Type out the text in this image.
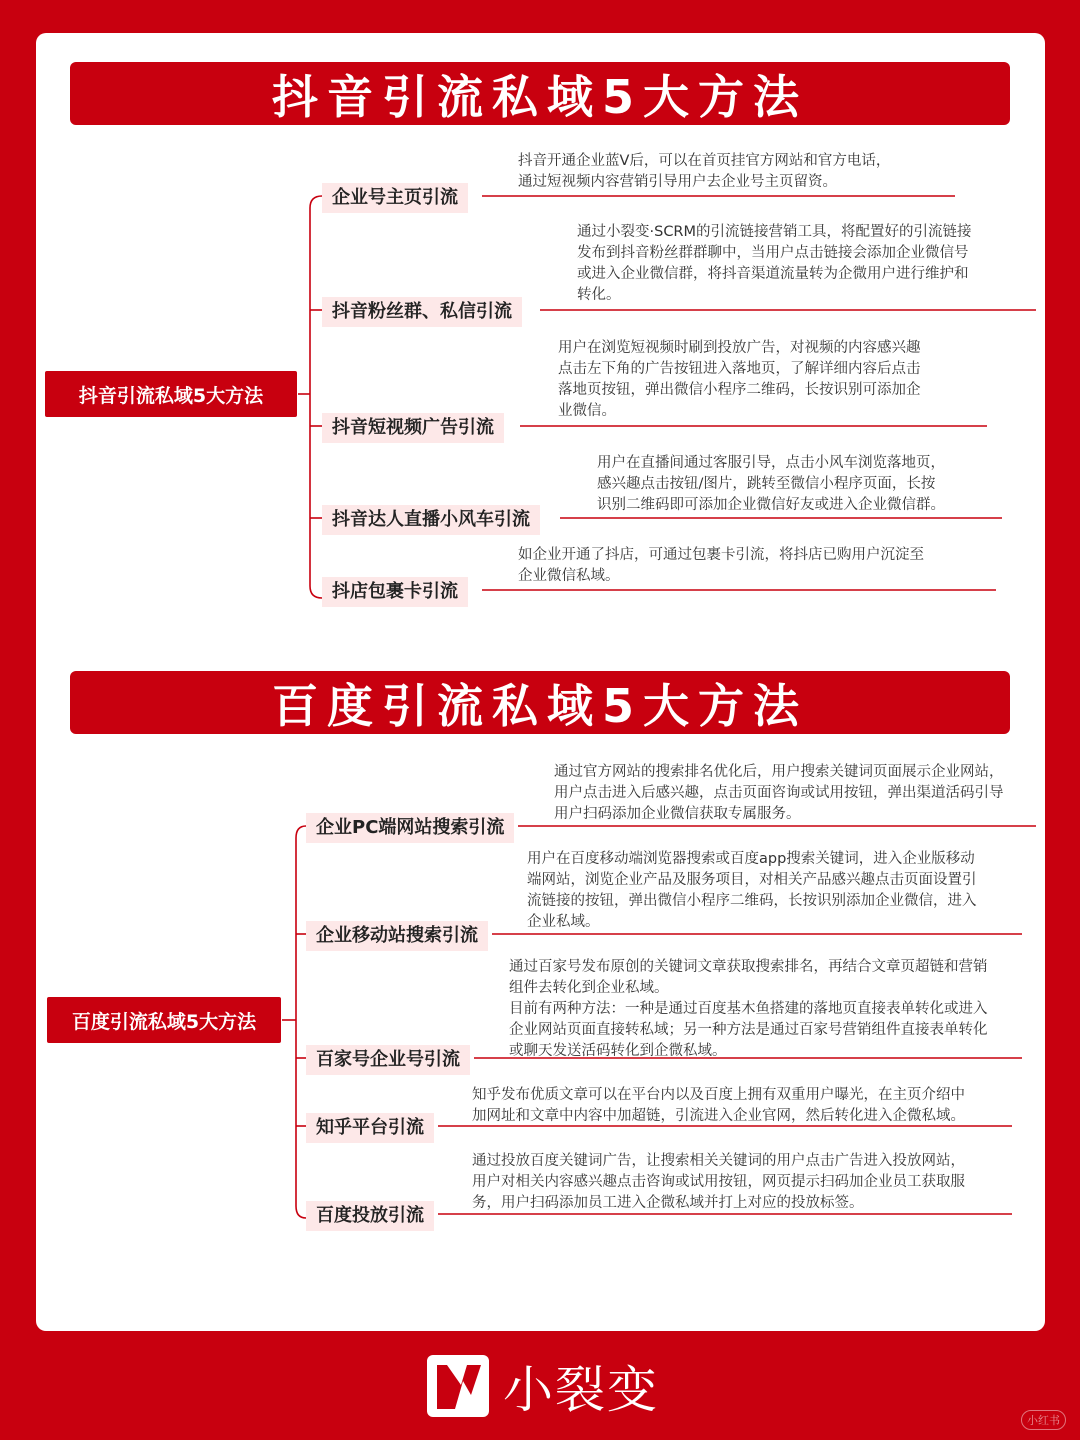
抖音引流私域5大方法
抖音引流私域5大方法
企业号主页引流
抖音开通企业蓝V后，可以在首页挂官方网站和官方电话，
通过短视频内容营销引导用户去企业号主页留资。
抖音粉丝群、私信引流
通过小裂变·SCRM的引流链接营销工具，将配置好的引流链接
发布到抖音粉丝群群聊中，当用户点击链接会添加企业微信号
或进入企业微信群，将抖音渠道流量转为企微用户进行维护和
转化。
抖音短视频广告引流
用户在浏览短视频时刷到投放广告，对视频的内容感兴趣
点击左下角的广告按钮进入落地页，了解详细内容后点击
落地页按钮，弹出微信小程序二维码，长按识别可添加企
业微信。
抖音达人直播小风车引流
用户在直播间通过客服引导，点击小风车浏览落地页，
感兴趣点击按钮/图片，跳转至微信小程序页面，长按
识别二维码即可添加企业微信好友或进入企业微信群。
抖店包裹卡引流
如企业开通了抖店，可通过包裹卡引流，将抖店已购用户沉淀至
企业微信私域。
百度引流私域5大方法
百度引流私域5大方法
企业PC端网站搜索引流
通过官方网站的搜索排名优化后，用户搜索关键词页面展示企业网站，
用户点击进入后感兴趣，点击页面咨询或试用按钮，弹出渠道活码引导
用户扫码添加企业微信获取专属服务。
企业移动站搜索引流
用户在百度移动端浏览器搜索或百度app搜索关键词，进入企业版移动
端网站，浏览企业产品及服务项目，对相关产品感兴趣点击页面设置引
流链接的按钮，弹出微信小程序二维码，长按识别添加企业微信，进入
企业私域。
百家号企业号引流
通过百家号发布原创的关键词文章获取搜索排名，再结合文章页超链和营销
组件去转化到企业私域。
目前有两种方法：一种是通过百度基木鱼搭建的落地页直接表单转化或进入
企业网站页面直接转私域；另一种方法是通过百家号营销组件直接表单转化
或聊天发送活码转化到企微私域。
知乎平台引流
知乎发布优质文章可以在平台内以及百度上拥有双重用户曝光，在主页介绍中
加网址和文章中内容中加超链，引流进入企业官网，然后转化进入企微私域。
百度投放引流
通过投放百度关键词广告，让搜索相关关键词的用户点击广告进入投放网站，
用户对相关内容感兴趣点击咨询或试用按钮，网页提示扫码加企业员工获取服
务，用户扫码添加员工进入企微私域并打上对应的投放标签。
小裂变
小红书
